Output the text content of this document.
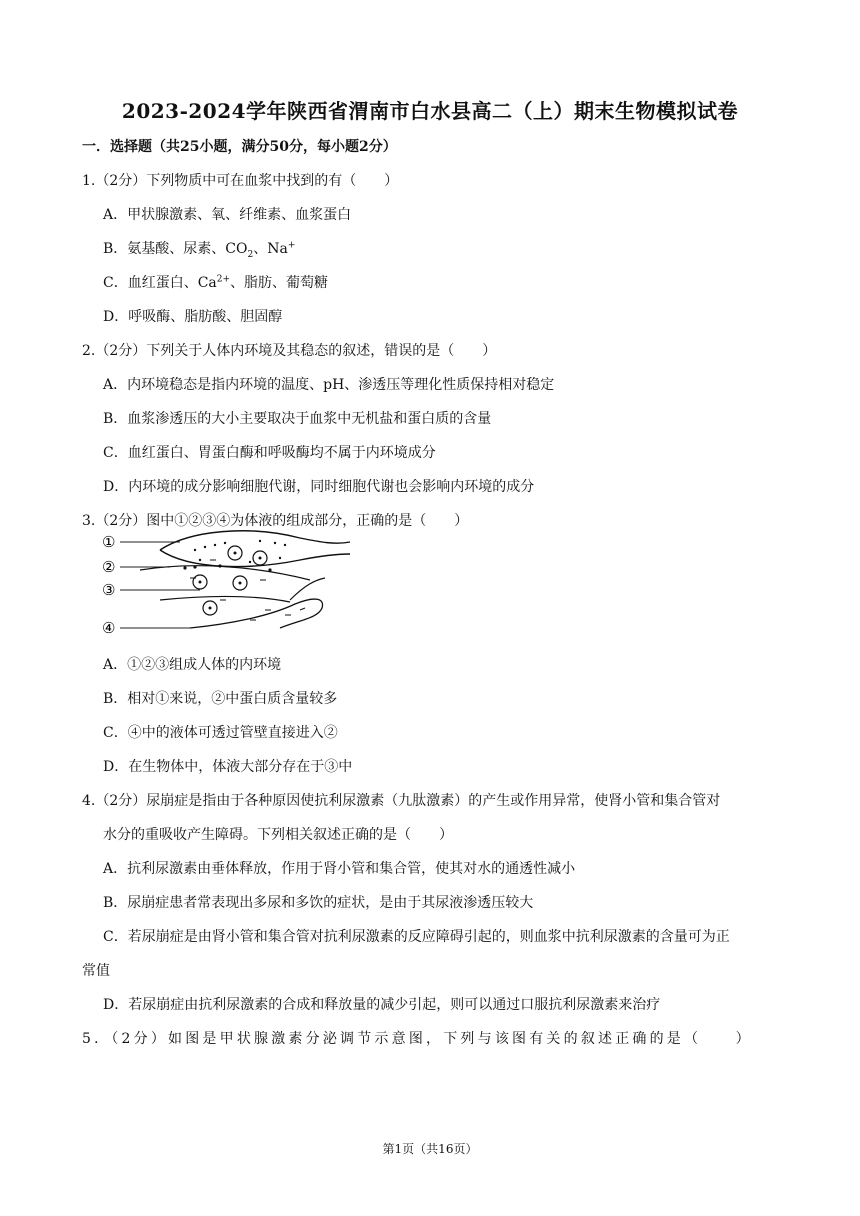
2023-2024学年陕西省渭南市白水县高二（上）期末生物模拟试卷
一．选择题（共25小题，满分50分，每小题2分）
1.（2分）下列物质中可在血浆中找到的有（　　）
A．甲状腺激素、氧、纤维素、血浆蛋白
B．氨基酸、尿素、$CO_2$、Na+
C．血红蛋白、$Ca^{2+}$、脂肪、葡萄糖
D．呼吸酶、脂肪酸、胆固醇
2.（2分）下列关于人体内环境及其稳态的叙述，错误的是（　　）
A．内环境稳态是指内环境的温度、pH、渗透压等理化性质保持相对稳定
B．血浆渗透压的大小主要取决于血浆中无机盐和蛋白质的含量
C．血红蛋白、胃蛋白酶和呼吸酶均不属于内环境成分
D．内环境的成分影响细胞代谢，同时细胞代谢也会影响内环境的成分
3.（2分）图中①②③④为体液的组成部分，正确的是（　　）
①
②
③
④
A．①②③组成人体的内环境
B．相对①来说，②中蛋白质含量较多
C．④中的液体可透过管壁直接进入②
D．在生物体中，体液大部分存在于③中
4.（2分）尿崩症是指由于各种原因使抗利尿激素（九肽激素）的产生或作用异常，使肾小管和集合管对
水分的重吸收产生障碍。下列相关叙述正确的是（　　）
A．抗利尿激素由垂体释放，作用于肾小管和集合管，使其对水的通透性减小
B．尿崩症患者常表现出多尿和多饮的症状，是由于其尿液渗透压较大
C．若尿崩症是由肾小管和集合管对抗利尿激素的反应障碍引起的，则血浆中抗利尿激素的含量可为正
常值
D．若尿崩症由抗利尿激素的合成和释放量的减少引起，则可以通过口服抗利尿激素来治疗
5．（2分）如图是甲状腺激素分泌调节示意图，下列与该图有关的叙述正确的是（　　）
第1页（共16页）
